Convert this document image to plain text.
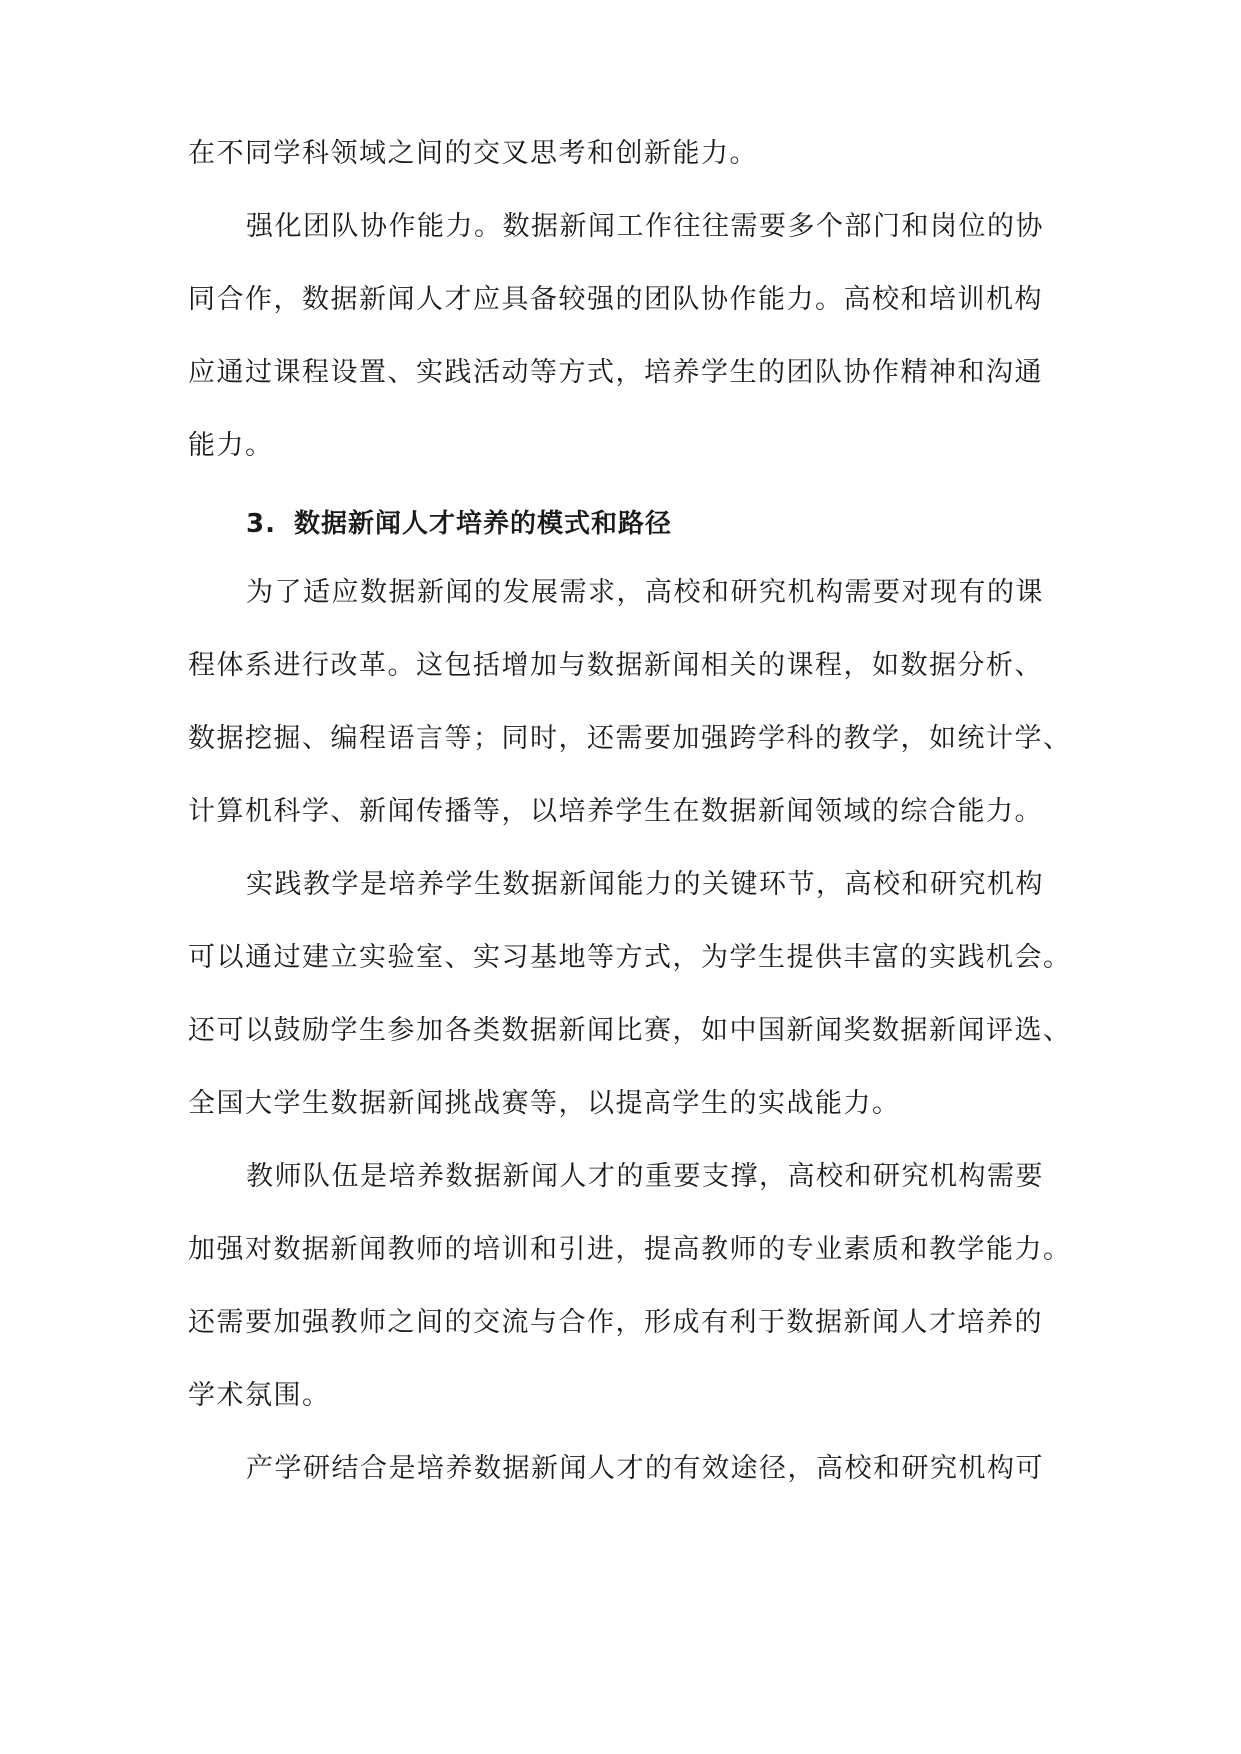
在不同学科领域之间的交叉思考和创新能力。
强化团队协作能力。数据新闻工作往往需要多个部门和岗位的协
同合作，数据新闻人才应具备较强的团队协作能力。高校和培训机构
应通过课程设置、实践活动等方式，培养学生的团队协作精神和沟通
能力。
3. 数据新闻人才培养的模式和路径
为了适应数据新闻的发展需求，高校和研究机构需要对现有的课
程体系进行改革。这包括增加与数据新闻相关的课程，如数据分析、
数据挖掘、编程语言等；同时，还需要加强跨学科的教学，如统计学、
计算机科学、新闻传播等，以培养学生在数据新闻领域的综合能力。
实践教学是培养学生数据新闻能力的关键环节，高校和研究机构
可以通过建立实验室、实习基地等方式，为学生提供丰富的实践机会。
还可以鼓励学生参加各类数据新闻比赛，如中国新闻奖数据新闻评选、
全国大学生数据新闻挑战赛等，以提高学生的实战能力。
教师队伍是培养数据新闻人才的重要支撑，高校和研究机构需要
加强对数据新闻教师的培训和引进，提高教师的专业素质和教学能力。
还需要加强教师之间的交流与合作，形成有利于数据新闻人才培养的
学术氛围。
产学研结合是培养数据新闻人才的有效途径，高校和研究机构可
